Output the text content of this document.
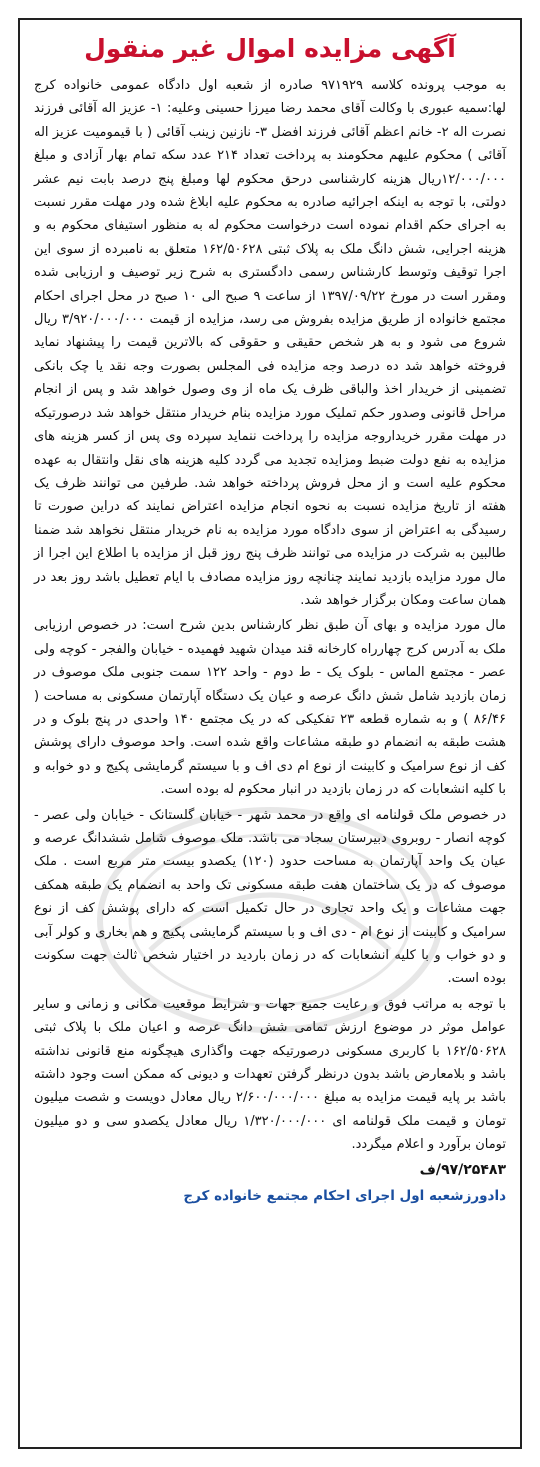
آگهی مزایده اموال غیر منقول

به موجب پرونده کلاسه ۹۷۱۹۲۹ صادره از شعبه اول دادگاه عمومی خانواده کرج لها:سمیه عبوری با وکالت آقای محمد رضا میرزا حسینی وعلیه: ۱- عزیز اله آقائی فرزند نصرت اله ۲- خانم اعظم آقائی فرزند افضل ۳- نازنین زینب آقائی ( با قیمومیت عزیز اله آقائی ) محکوم علیهم محکومند به پرداخت تعداد ۲۱۴ عدد سکه تمام بهار آزادی و مبلغ ۱۲/۰۰۰/۰۰۰ریال هزینه کارشناسی درحق محکوم لها ومبلغ پنج درصد بابت نیم عشر دولتی، با توجه به اینکه اجرائیه صادره به محکوم علیه ابلاغ شده ودر مهلت مقرر نسبت به اجرای حکم اقدام نموده است درخواست محکوم له به منظور استیفای محکوم به و هزینه اجرایی، شش دانگ ملک به پلاک ثبتی ۱۶۲/۵۰۶۲۸ متعلق به نامبرده از سوی این اجرا توقیف وتوسط کارشناس رسمی دادگستری به شرح زیر توصیف و ارزیابی شده ومقرر است در مورخ ۱۳۹۷/۰۹/۲۲ از ساعت ۹ صبح الی ۱۰ صبح در محل اجرای احکام مجتمع خانواده از طریق مزایده بفروش می رسد، مزایده از قیمت ۳/۹۲۰/۰۰۰/۰۰۰ ریال شروع می شود و به هر شخص حقیقی و حقوقی که بالاترین قیمت را پیشنهاد نماید فروخته خواهد شد ده درصد وجه مزایده فی المجلس بصورت وجه نقد یا چک بانکی تضمینی از خریدار اخذ والباقی ظرف یک ماه از وی وصول خواهد شد و پس از انجام مراحل قانونی وصدور حکم تملیک مورد مزایده بنام خریدار منتقل خواهد شد درصورتیکه در مهلت مقرر خریداروجه مزایده را پرداخت ننماید سپرده وی پس از کسر هزینه های مزایده به نفع دولت ضبط ومزایده تجدید می گردد کلیه هزینه های نقل وانتقال به عهده محکوم علیه است و از محل فروش پرداخته خواهد شد. طرفین می توانند ظرف یک هفته از تاریخ مزایده نسبت به نحوه انجام مزایده اعتراض نمایند که دراین صورت تا رسیدگی به اعتراض از سوی دادگاه مورد مزایده به نام خریدار منتقل نخواهد شد ضمنا طالبین به شرکت در مزایده می توانند ظرف پنج روز قبل از مزایده با اطلاع این اجرا از مال مورد مزایده بازدید نمایند چنانچه روز مزایده مصادف با ایام تعطیل باشد روز بعد در همان ساعت ومکان برگزار خواهد شد.

مال مورد مزایده و بهای آن طبق نظر کارشناس بدین شرح است: در خصوص ارزیابی ملک به آدرس کرج چهارراه کارخانه قند میدان شهید فهمیده - خیابان والفجر - کوچه ولی عصر - مجتمع الماس - بلوک یک - ط دوم - واحد ۱۲۲ سمت جنوبی ملک موصوف در زمان بازدید شامل شش دانگ عرصه و عیان یک دستگاه آپارتمان مسکونی به مساحت ( ۸۶/۴۶ ) و به شماره قطعه ۲۳ تفکیکی که در یک مجتمع ۱۴۰ واحدی در پنج بلوک و در هشت طبقه به انضمام دو طبقه مشاعات واقع شده است. واحد موصوف دارای پوشش کف از نوع سرامیک و کابینت از نوع ام دی اف و با سیستم گرمایشی پکیج و دو خوابه و با کلیه انشعابات که در زمان بازدید در انبار محکوم له بوده است.

در خصوص ملک قولنامه ای واقع در محمد شهر - خیابان گلستانک - خیابان ولی عصر - کوچه انصار - روبروی دبیرستان سجاد می باشد. ملک موصوف شامل ششدانگ عرصه و عیان یک واحد آپارتمان به مساحت حدود (۱۲۰) یکصدو بیست متر مربع است . ملک موصوف که در یک ساختمان هفت طبقه مسکونی تک واحد به انضمام یک طبقه همکف جهت مشاعات و یک واحد تجاری در حال تکمیل است که دارای پوشش کف از نوع سرامیک و کابینت از نوع ام - دی اف و با سیستم گرمایشی پکیج و هم بخاری و کولر آبی و دو خواب و با کلیه انشعابات که در زمان باردید در اختیار شخص ثالث جهت سکونت بوده است.

با توجه به مراتب فوق و رعایت جمیع جهات و شرایط موقعیت مکانی و زمانی و سایر عوامل موثر در موضوع ارزش تمامی شش دانگ عرصه و اعیان ملک با پلاک ثبتی ۱۶۲/۵۰۶۲۸ با کاربری مسکونی درصورتیکه جهت واگذاری هیچگونه منع قانونی نداشته باشد و بلامعارض باشد بدون درنظر گرفتن تعهدات و دیونی که ممکن است وجود داشته باشد بر پایه قیمت مزایده به مبلغ ۲/۶۰۰/۰۰۰/۰۰۰ ریال معادل دویست و شصت میلیون تومان و قیمت ملک قولنامه ای ۱/۳۲۰/۰۰۰/۰۰۰ ریال معادل یکصدو سی و دو میلیون تومان برآورد و اعلام میگردد.

۹۷/۲۵۴۸۳/ف

دادورزشعبه اول اجرای احکام مجتمع خانواده کرج
